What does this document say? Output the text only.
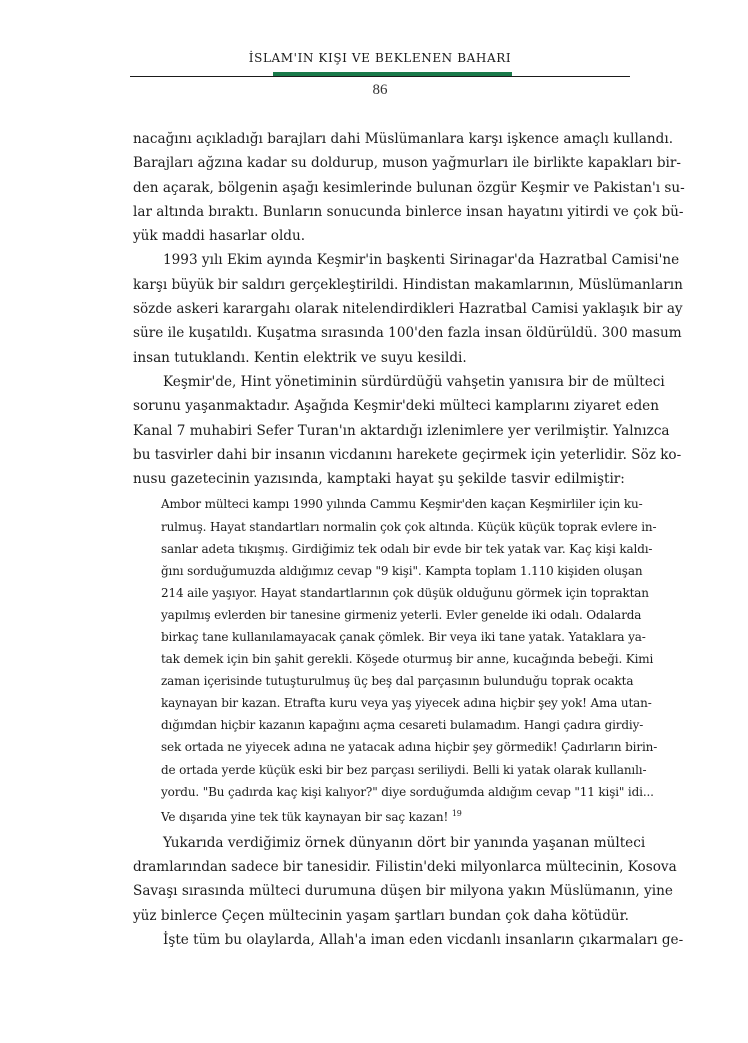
İSLAM'IN KIŞI VE BEKLENEN BAHARI
86

nacağını açıkladığı barajları dahi Müslümanlara karşı işkence amaçlı kullandı.
Barajları ağzına kadar su doldurup, muson yağmurları ile birlikte kapakları bir-
den açarak, bölgenin aşağı kesimlerinde bulunan özgür Keşmir ve Pakistan'ı su-
lar altında bıraktı. Bunların sonucunda binlerce insan hayatını yitirdi ve çok bü-
yük maddi hasarlar oldu.

1993 yılı Ekim ayında Keşmir'in başkenti Sirinagar'da Hazratbal Camisi'ne
karşı büyük bir saldırı gerçekleştirildi. Hindistan makamlarının, Müslümanların
sözde askeri karargahı olarak nitelendirdikleri Hazratbal Camisi yaklaşık bir ay
süre ile kuşatıldı. Kuşatma sırasında 100'den fazla insan öldürüldü. 300 masum
insan tutuklandı. Kentin elektrik ve suyu kesildi.

Keşmir'de, Hint yönetiminin sürdürdüğü vahşetin yanısıra bir de mülteci
sorunu yaşanmaktadır. Aşağıda Keşmir'deki mülteci kamplarını ziyaret eden
Kanal 7 muhabiri Sefer Turan'ın aktardığı izlenimlere yer verilmiştir. Yalnızca
bu tasvirler dahi bir insanın vicdanını harekete geçirmek için yeterlidir. Söz ko-
nusu gazetecinin yazısında, kamptaki hayat şu şekilde tasvir edilmiştir:

Ambor mülteci kampı 1990 yılında Cammu Keşmir'den kaçan Keşmirliler için ku-
rulmuş. Hayat standartları normalin çok çok altında. Küçük küçük toprak evlere in-
sanlar adeta tıkışmış. Girdiğimiz tek odalı bir evde bir tek yatak var. Kaç kişi kaldı-
ğını sorduğumuzda aldığımız cevap "9 kişi". Kampta toplam 1.110 kişiden oluşan
214 aile yaşıyor. Hayat standartlarının çok düşük olduğunu görmek için topraktan
yapılmış evlerden bir tanesine girmeniz yeterli. Evler genelde iki odalı. Odalarda
birkaç tane kullanılamayacak çanak çömlek. Bir veya iki tane yatak. Yataklara ya-
tak demek için bin şahit gerekli. Köşede oturmuş bir anne, kucağında bebeği. Kimi
zaman içerisinde tutuşturulmuş üç beş dal parçasının bulunduğu toprak ocakta
kaynayan bir kazan. Etrafta kuru veya yaş yiyecek adına hiçbir şey yok! Ama utan-
dığımdan hiçbir kazanın kapağını açma cesareti bulamadım. Hangi çadıra girdiy-
sek ortada ne yiyecek adına ne yatacak adına hiçbir şey görmedik! Çadırların birin-
de ortada yerde küçük eski bir bez parçası seriliydi. Belli ki yatak olarak kullanılı-
yordu. "Bu çadırda kaç kişi kalıyor?" diye sorduğumda aldığım cevap "11 kişi" idi...
Ve dışarıda yine tek tük kaynayan bir saç kazan! $^{19}$

Yukarıda verdiğimiz örnek dünyanın dört bir yanında yaşanan mülteci
dramlarından sadece bir tanesidir. Filistin'deki milyonlarca mültecinin, Kosova
Savaşı sırasında mülteci durumuna düşen bir milyona yakın Müslümanın, yine
yüz binlerce Çeçen mültecinin yaşam şartları bundan çok daha kötüdür.

İşte tüm bu olaylarda, Allah'a iman eden vicdanlı insanların çıkarmaları ge-
